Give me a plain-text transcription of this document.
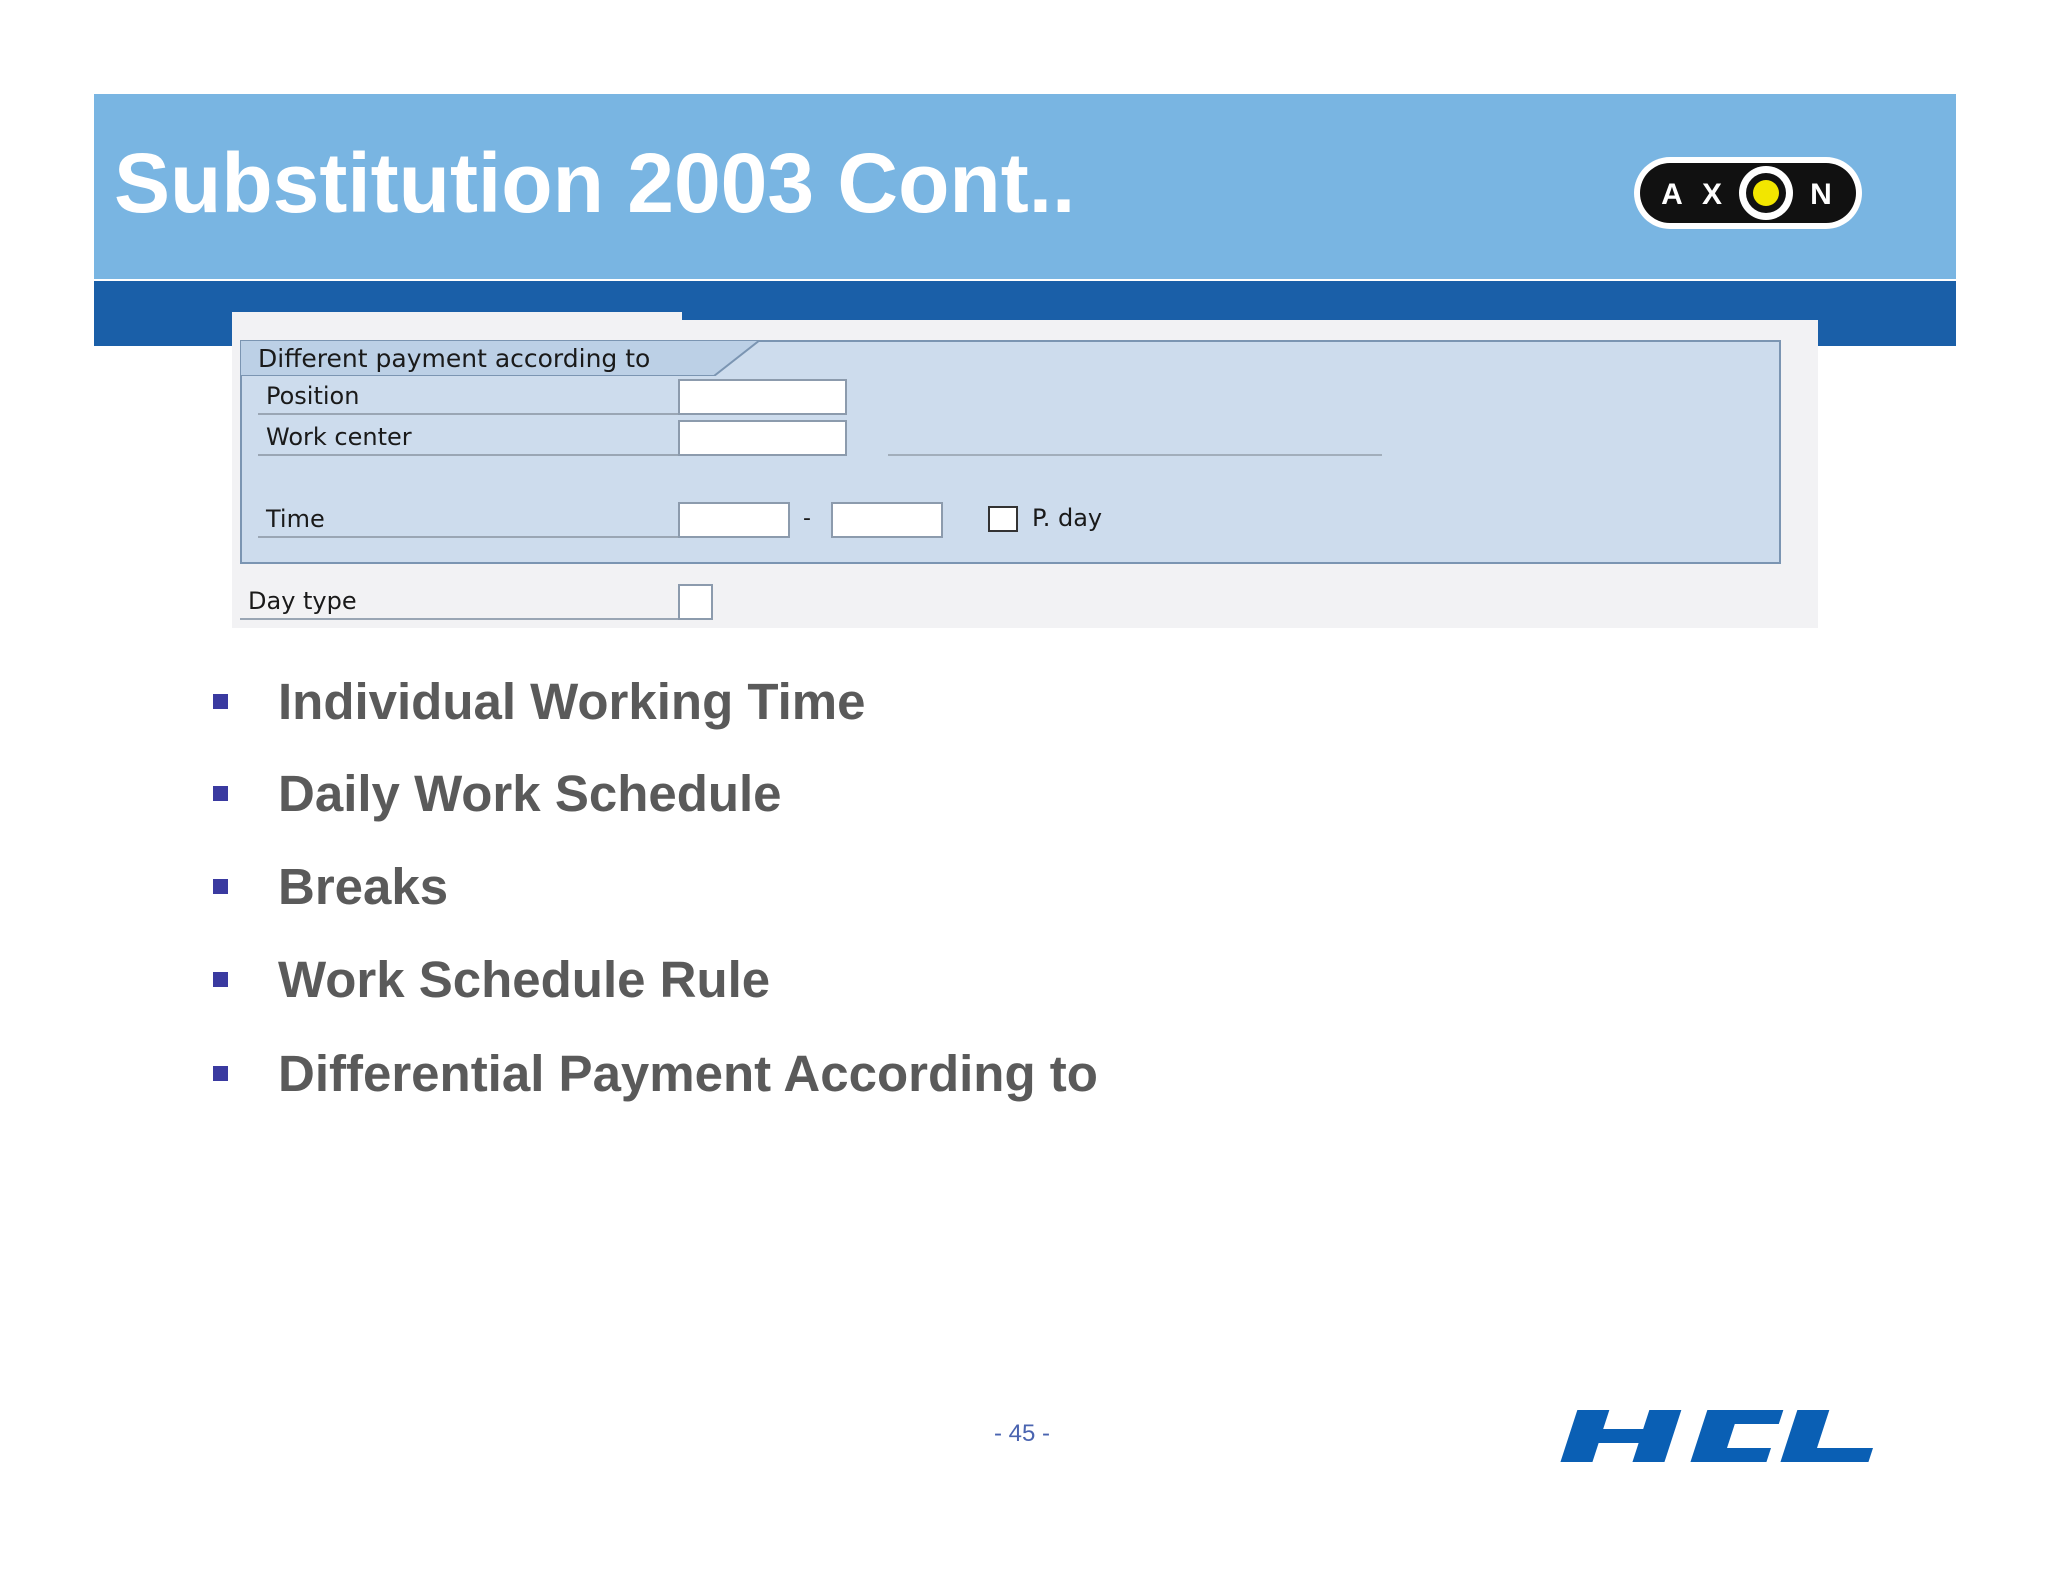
Substitution 2003 Cont..	A X	N
Different payment according to
Position
Work center
Time	-	P. day
Day type
Individual Working Time
Daily Work Schedule
Breaks
Work Schedule Rule
Differential Payment According to
- 45 -
